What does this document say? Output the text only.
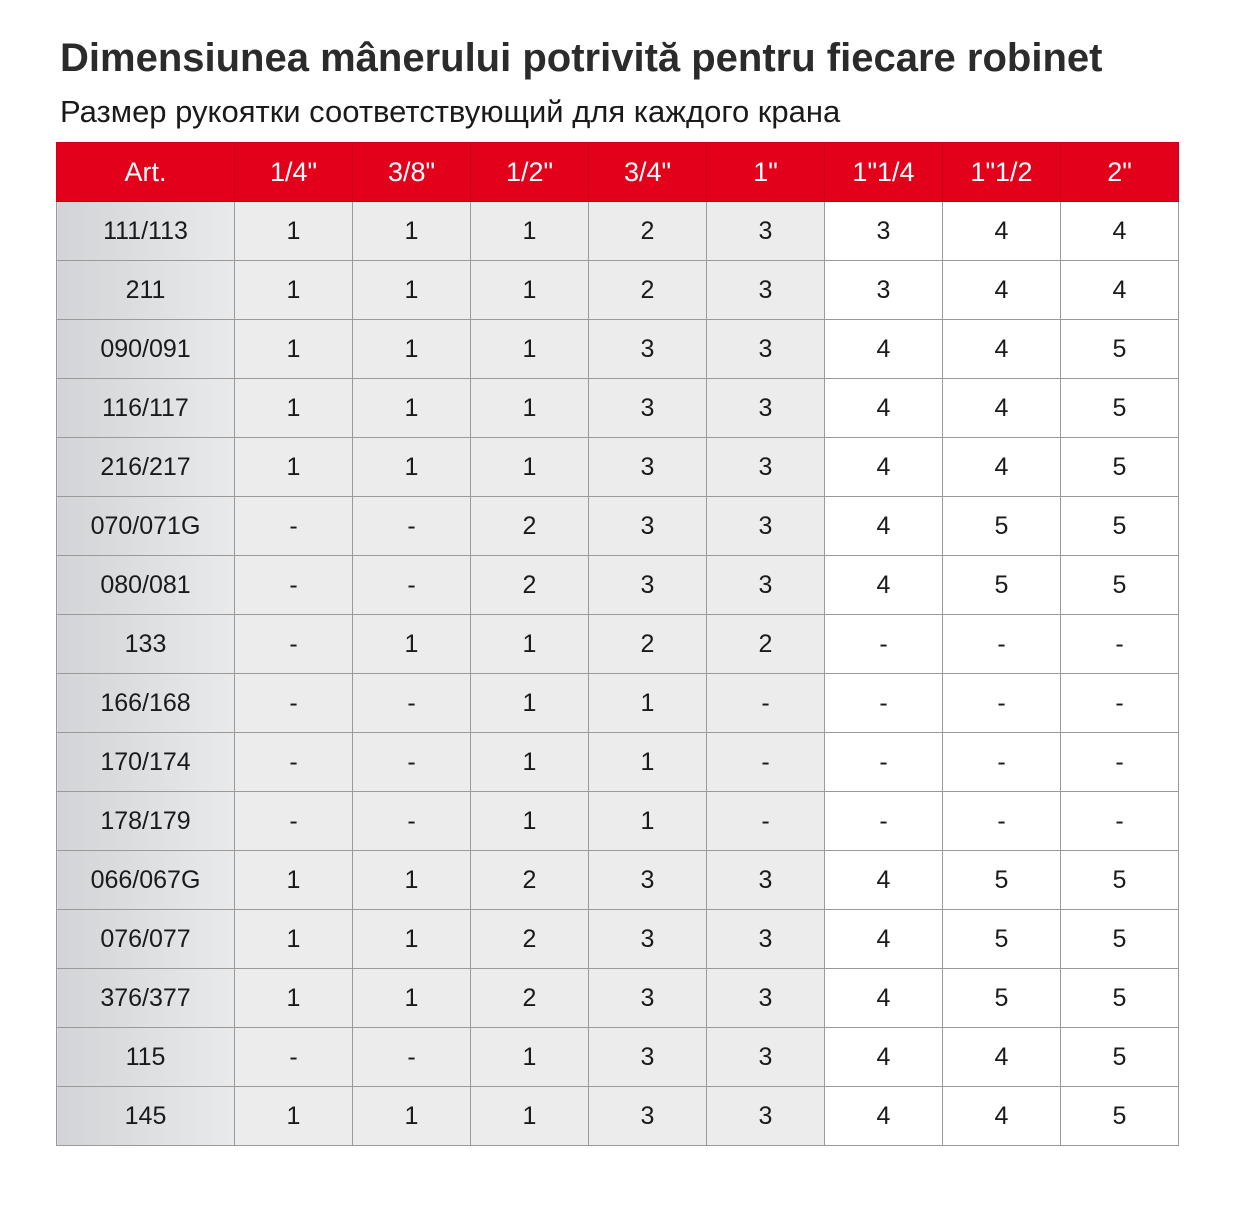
Dimensiunea mânerului potrivită pentru fiecare robinet
Размер рукоятки соответствующий для каждого крана
Art.	1/4"	3/8"	1/2"	3/4"	1"	1"1/4	1"1/2	2"
111/113	1	1	1	2	3	3	4	4
211	1	1	1	2	3	3	4	4
090/091	1	1	1	3	3	4	4	5
116/117	1	1	1	3	3	4	4	5
216/217	1	1	1	3	3	4	4	5
070/071G	-	-	2	3	3	4	5	5
080/081	-	-	2	3	3	4	5	5
133	-	1	1	2	2	-	-	-
166/168	-	-	1	1	-	-	-	-
170/174	-	-	1	1	-	-	-	-
178/179	-	-	1	1	-	-	-	-
066/067G	1	1	2	3	3	4	5	5
076/077	1	1	2	3	3	4	5	5
376/377	1	1	2	3	3	4	5	5
115	-	-	1	3	3	4	4	5
145	1	1	1	3	3	4	4	5
